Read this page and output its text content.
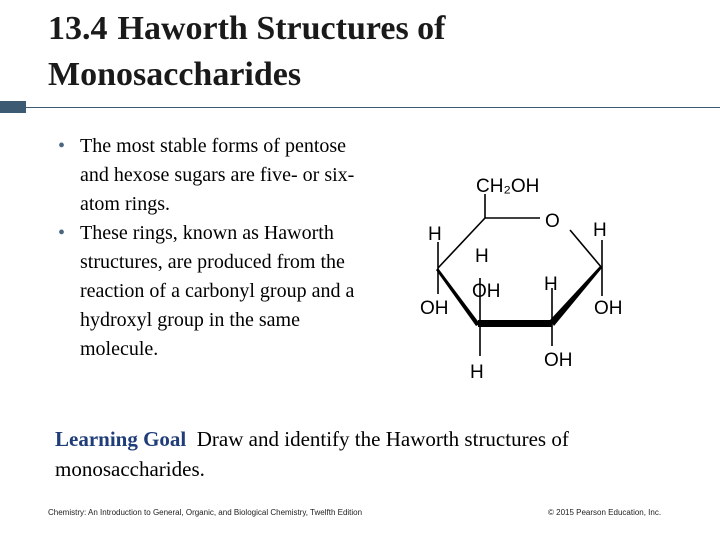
13.4 Haworth Structures of Monosaccharides
• The most stable forms of pentose and hexose sugars are five- or six-atom rings.
• These rings, known as Haworth structures, are produced from the reaction of a carbonyl group and a hydroxyl group in the same molecule.
CH₂OH
O
H
H
H
OH H
OH	OH
H
OH
Learning Goal Draw and identify the Haworth structures of monosaccharides.
Chemistry: An Introduction to General, Organic, and Biological Chemistry, Twelfth Edition	© 2015 Pearson Education, Inc.
